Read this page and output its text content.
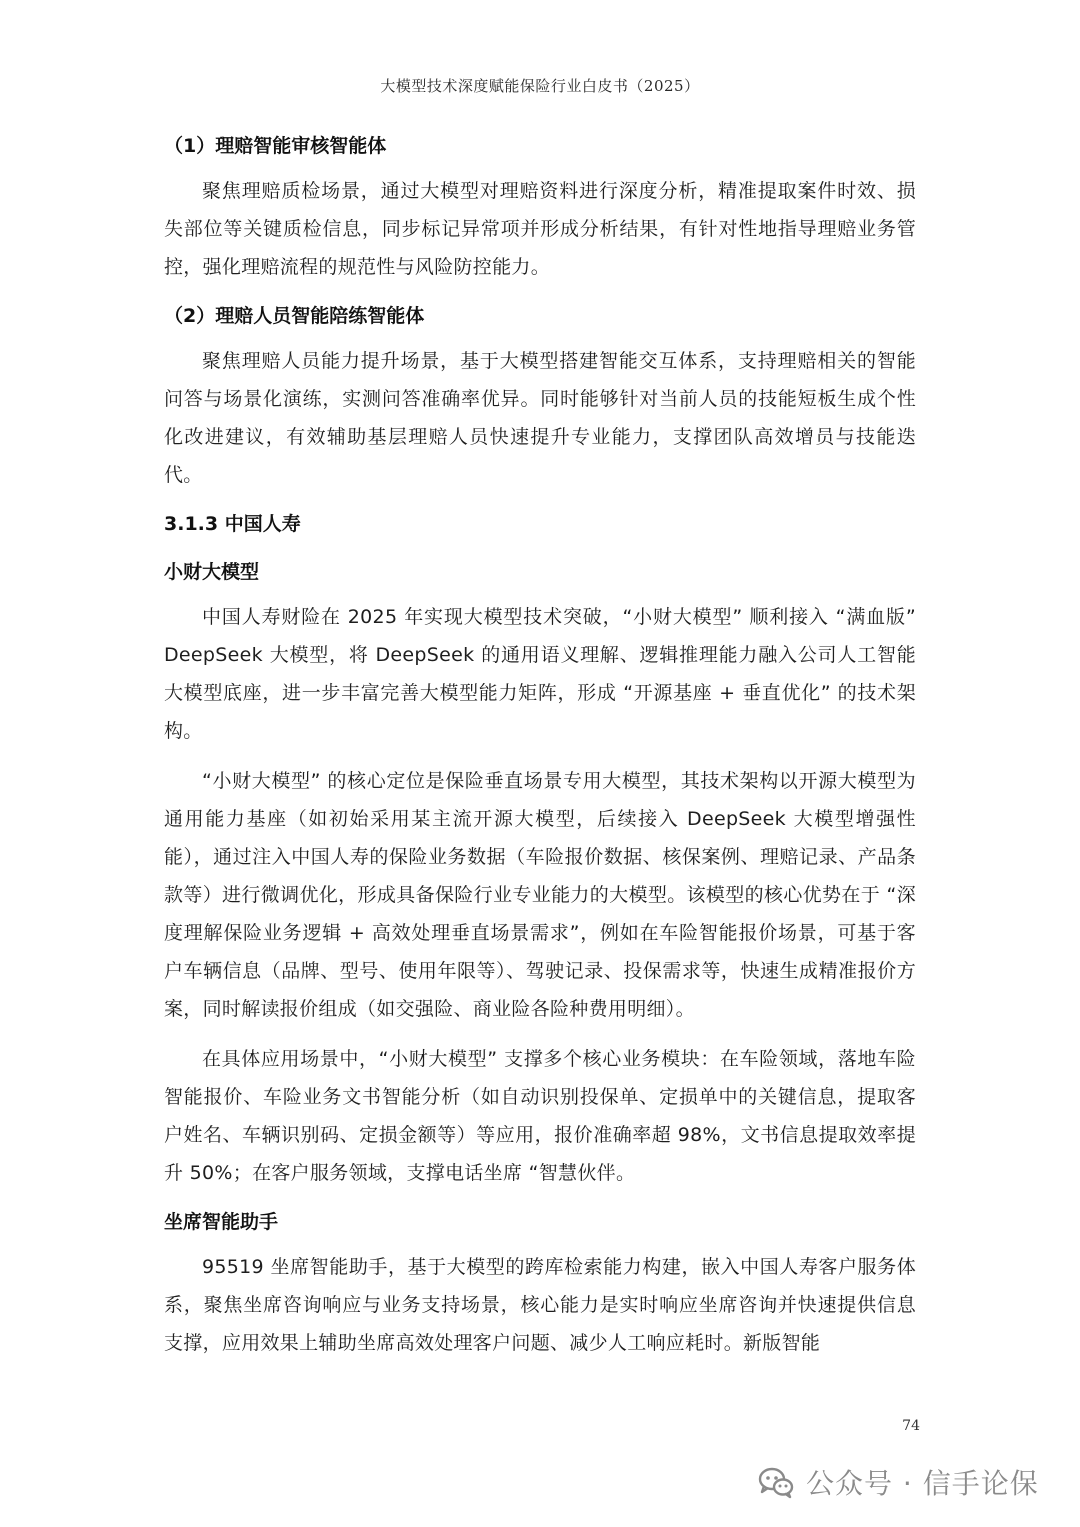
大模型技术深度赋能保险行业白皮书（2025）
（1）理赔智能审核智能体

聚焦理赔质检场景，通过大模型对理赔资料进行深度分析，精准提取案件时效、损失部位等关键质检信息，同步标记异常项并形成分析结果，有针对性地指导理赔业务管控，强化理赔流程的规范性与风险防控能力。

（2）理赔人员智能陪练智能体

聚焦理赔人员能力提升场景，基于大模型搭建智能交互体系，支持理赔相关的智能问答与场景化演练，实测问答准确率优异。同时能够针对当前人员的技能短板生成个性化改进建议，有效辅助基层理赔人员快速提升专业能力，支撑团队高效增员与技能迭代。

3.1.3 中国人寿
小财大模型

中国人寿财险在 2025 年实现大模型技术突破，“小财大模型” 顺利接入 “满血版” DeepSeek 大模型，将 DeepSeek 的通用语义理解、逻辑推理能力融入公司人工智能大模型底座，进一步丰富完善大模型能力矩阵，形成 “开源基座 + 垂直优化” 的技术架构。

“小财大模型” 的核心定位是保险垂直场景专用大模型，其技术架构以开源大模型为通用能力基座（如初始采用某主流开源大模型，后续接入 DeepSeek 大模型增强性能），通过注入中国人寿的保险业务数据（车险报价数据、核保案例、理赔记录、产品条款等）进行微调优化，形成具备保险行业专业能力的大模型。该模型的核心优势在于 “深度理解保险业务逻辑 + 高效处理垂直场景需求”，例如在车险智能报价场景，可基于客户车辆信息（品牌、型号、使用年限等）、驾驶记录、投保需求等，快速生成精准报价方案，同时解读报价组成（如交强险、商业险各险种费用明细）。

在具体应用场景中，“小财大模型” 支撑多个核心业务模块：在车险领域，落地车险智能报价、车险业务文书智能分析（如自动识别投保单、定损单中的关键信息，提取客户姓名、车辆识别码、定损金额等）等应用，报价准确率超 98%，文书信息提取效率提升 50%；在客户服务领域，支撑电话坐席 “智慧伙伴。

坐席智能助手

95519 坐席智能助手，基于大模型的跨库检索能力构建，嵌入中国人寿客户服务体系，聚焦坐席咨询响应与业务支持场景，核心能力是实时响应坐席咨询并快速提供信息支撑，应用效果上辅助坐席高效处理客户问题、减少人工响应耗时。新版智能

74
公众号 · 信手论保
